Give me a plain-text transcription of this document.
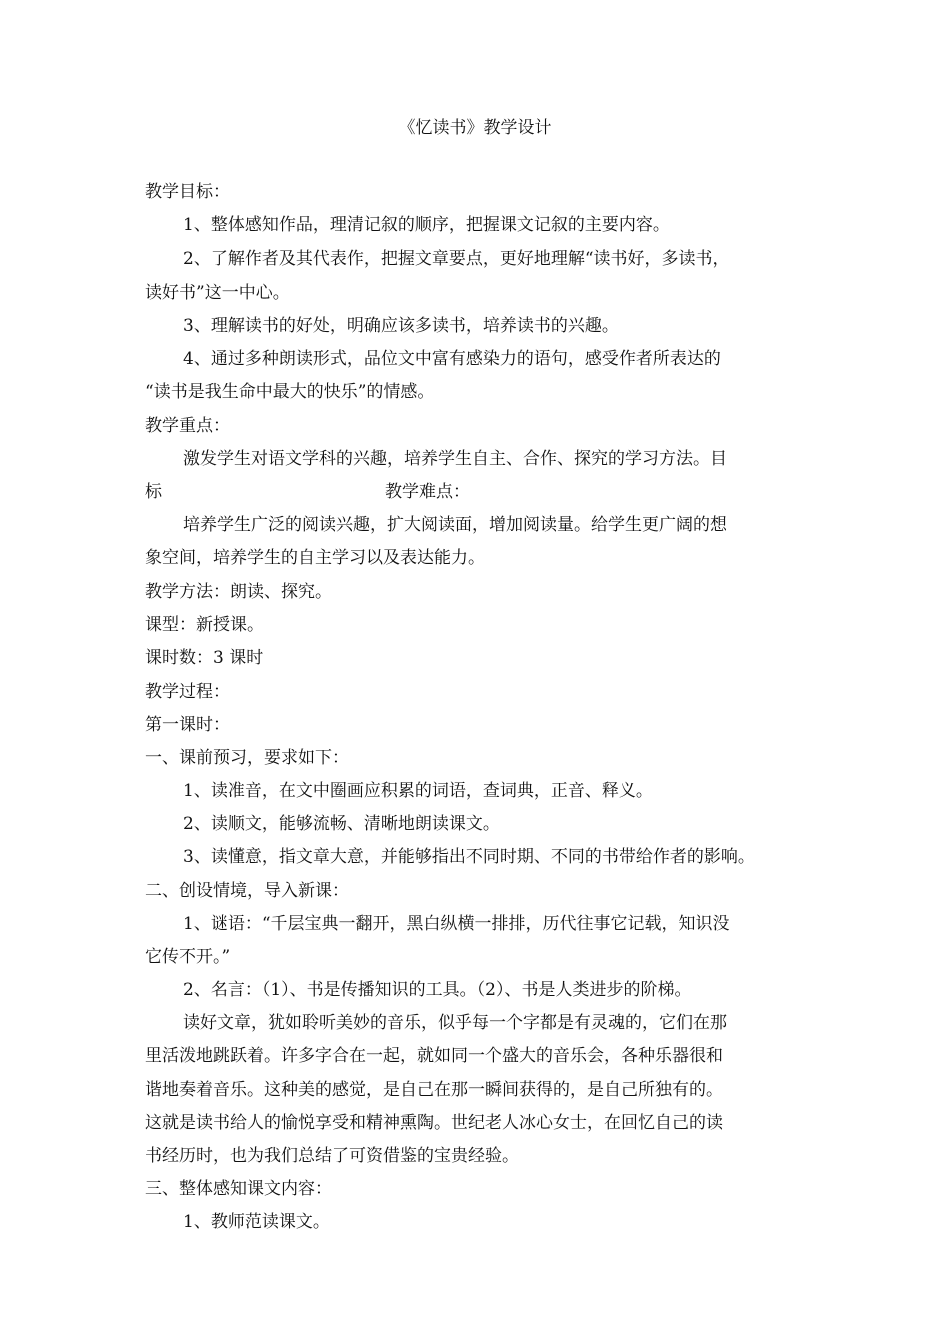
《忆读书》教学设计
教学目标：
1、整体感知作品，理清记叙的顺序，把握课文记叙的主要内容。
2、了解作者及其代表作，把握文章要点，更好地理解“读书好，多读书，
读好书”这一中心。
3、理解读书的好处，明确应该多读书，培养读书的兴趣。
4、通过多种朗读形式，品位文中富有感染力的语句，感受作者所表达的
“读书是我生命中最大的快乐”的情感。
教学重点：
激发学生对语文学科的兴趣，培养学生自主、合作、探究的学习方法。目
标	教学难点：
培养学生广泛的阅读兴趣，扩大阅读面，增加阅读量。给学生更广阔的想
象空间，培养学生的自主学习以及表达能力。
教学方法：朗读、探究。
课型：新授课。
课时数：3 课时
教学过程：
第一课时：
一、课前预习，要求如下：
1、读准音，在文中圈画应积累的词语，查词典，正音、释义。
2、读顺文，能够流畅、清晰地朗读课文。
3、读懂意，指文章大意，并能够指出不同时期、不同的书带给作者的影响。
二、创设情境，导入新课：
1、谜语：“千层宝典一翻开，黑白纵横一排排，历代往事它记载，知识没
它传不开。”
2、名言：（1）、书是传播知识的工具。（2）、书是人类进步的阶梯。
读好文章，犹如聆听美妙的音乐，似乎每一个字都是有灵魂的，它们在那
里活泼地跳跃着。许多字合在一起，就如同一个盛大的音乐会，各种乐器很和
谐地奏着音乐。这种美的感觉，是自己在那一瞬间获得的，是自己所独有的。
这就是读书给人的愉悦享受和精神熏陶。世纪老人冰心女士，在回忆自己的读
书经历时，也为我们总结了可资借鉴的宝贵经验。
三、整体感知课文内容：
1、教师范读课文。
